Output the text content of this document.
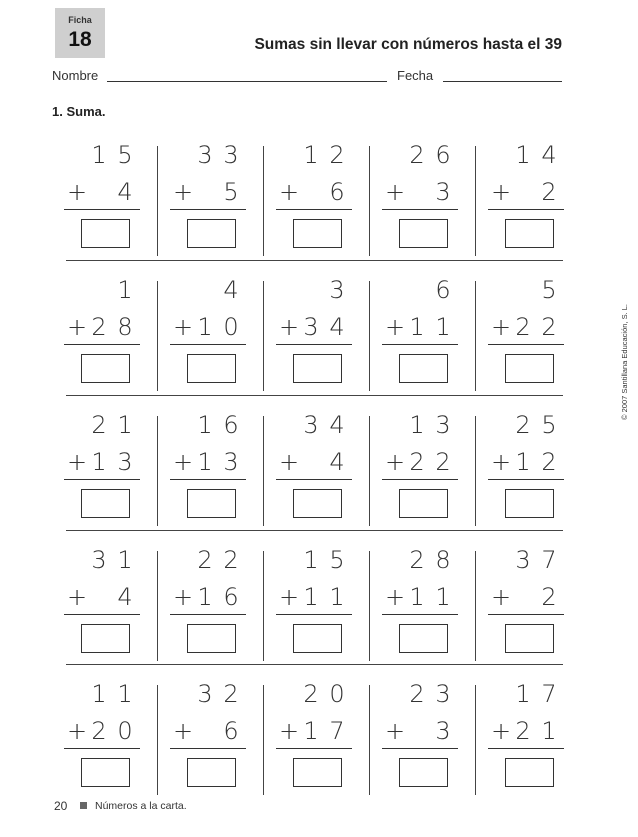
Ficha
18	Sumas sin llevar con números hasta el 39
Nombre	Fecha
1. Suma.
1 5
+ 4
3 3
+ 5
1 2
+ 6
2 6
+ 3
1 4
+ 2
1
+ 2 8
4
+ 1 0
3
+ 3 4
6
+ 1 1
5
+ 2 2
2 1
+ 1 3
1 6
+ 1 3
3 4
+ 4
1 3
+ 2 2
2 5
+ 1 2
3 1
+ 4
2 2
+ 1 6
1 5
+ 1 1
2 8
+ 1 1
3 7
+ 2
1 1
+ 2 0
3 2
+ 6
2 0
+ 1 7
2 3
+ 3
1 7
+ 2 1
© 2007 Santillana Educación, S. L.
20	Números a la carta.
